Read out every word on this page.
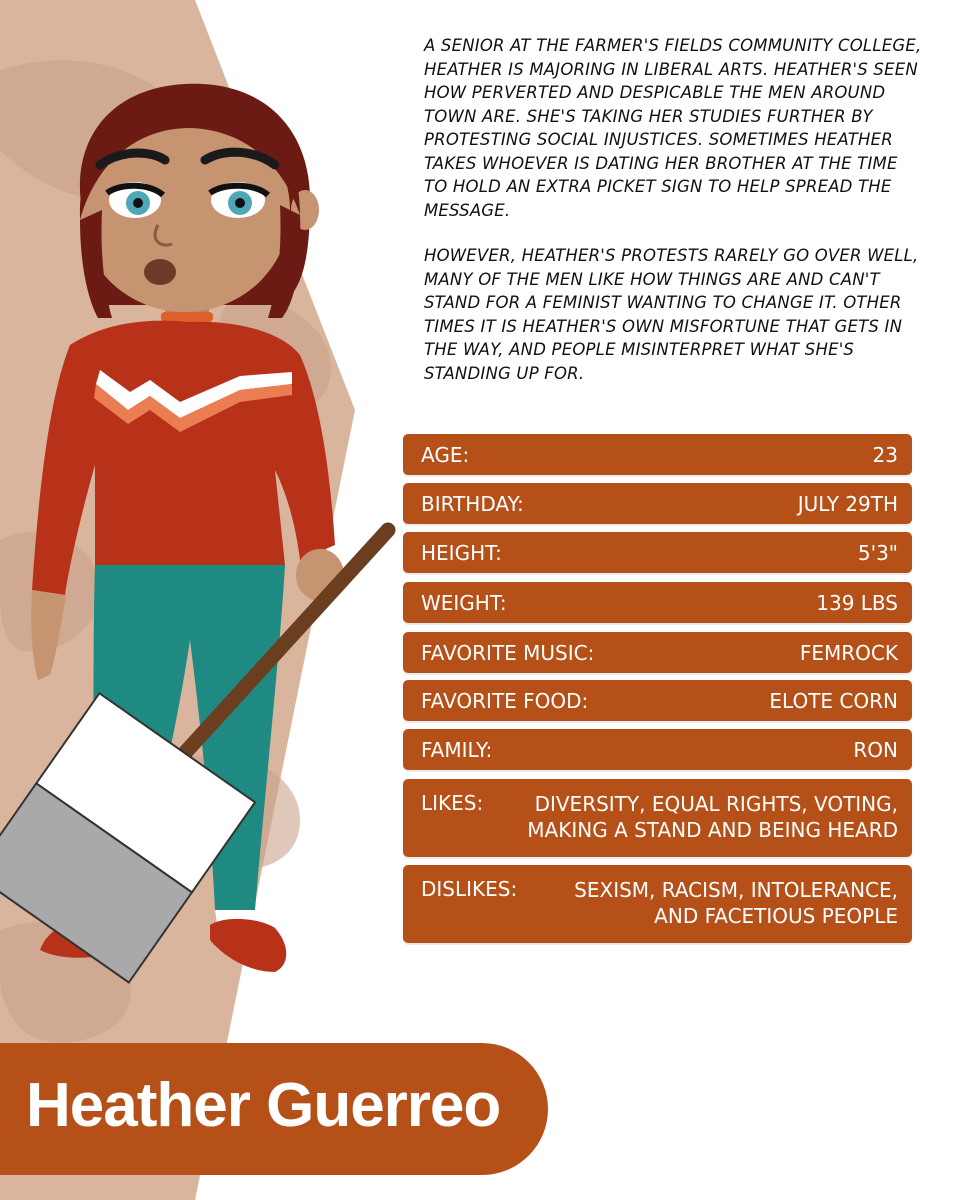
A SENIOR AT THE FARMER'S FIELDS COMMUNITY COLLEGE, HEATHER IS MAJORING IN LIBERAL ARTS. HEATHER'S SEEN HOW PERVERTED AND DESPICABLE THE MEN AROUND TOWN ARE. SHE'S TAKING HER STUDIES FURTHER BY PROTESTING SOCIAL INJUSTICES. SOMETIMES HEATHER TAKES WHOEVER IS DATING HER BROTHER AT THE TIME TO HOLD AN EXTRA PICKET SIGN TO HELP SPREAD THE MESSAGE.

HOWEVER, HEATHER'S PROTESTS RARELY GO OVER WELL, MANY OF THE MEN LIKE HOW THINGS ARE AND CAN'T STAND FOR A FEMINIST WANTING TO CHANGE IT. OTHER TIMES IT IS HEATHER'S OWN MISFORTUNE THAT GETS IN THE WAY, AND PEOPLE MISINTERPRET WHAT SHE'S STANDING UP FOR.

AGE:	23
BIRTHDAY:	JULY 29TH
HEIGHT:	5'3"
WEIGHT:	139 LBS
FAVORITE MUSIC:	FEMROCK
FAVORITE FOOD:	ELOTE CORN
FAMILY:	RON
LIKES:	DIVERSITY, EQUAL RIGHTS, VOTING,
MAKING A STAND AND BEING HEARD
DISLIKES:	SEXISM, RACISM, INTOLERANCE,
AND FACETIOUS PEOPLE
Heather Guerreo
